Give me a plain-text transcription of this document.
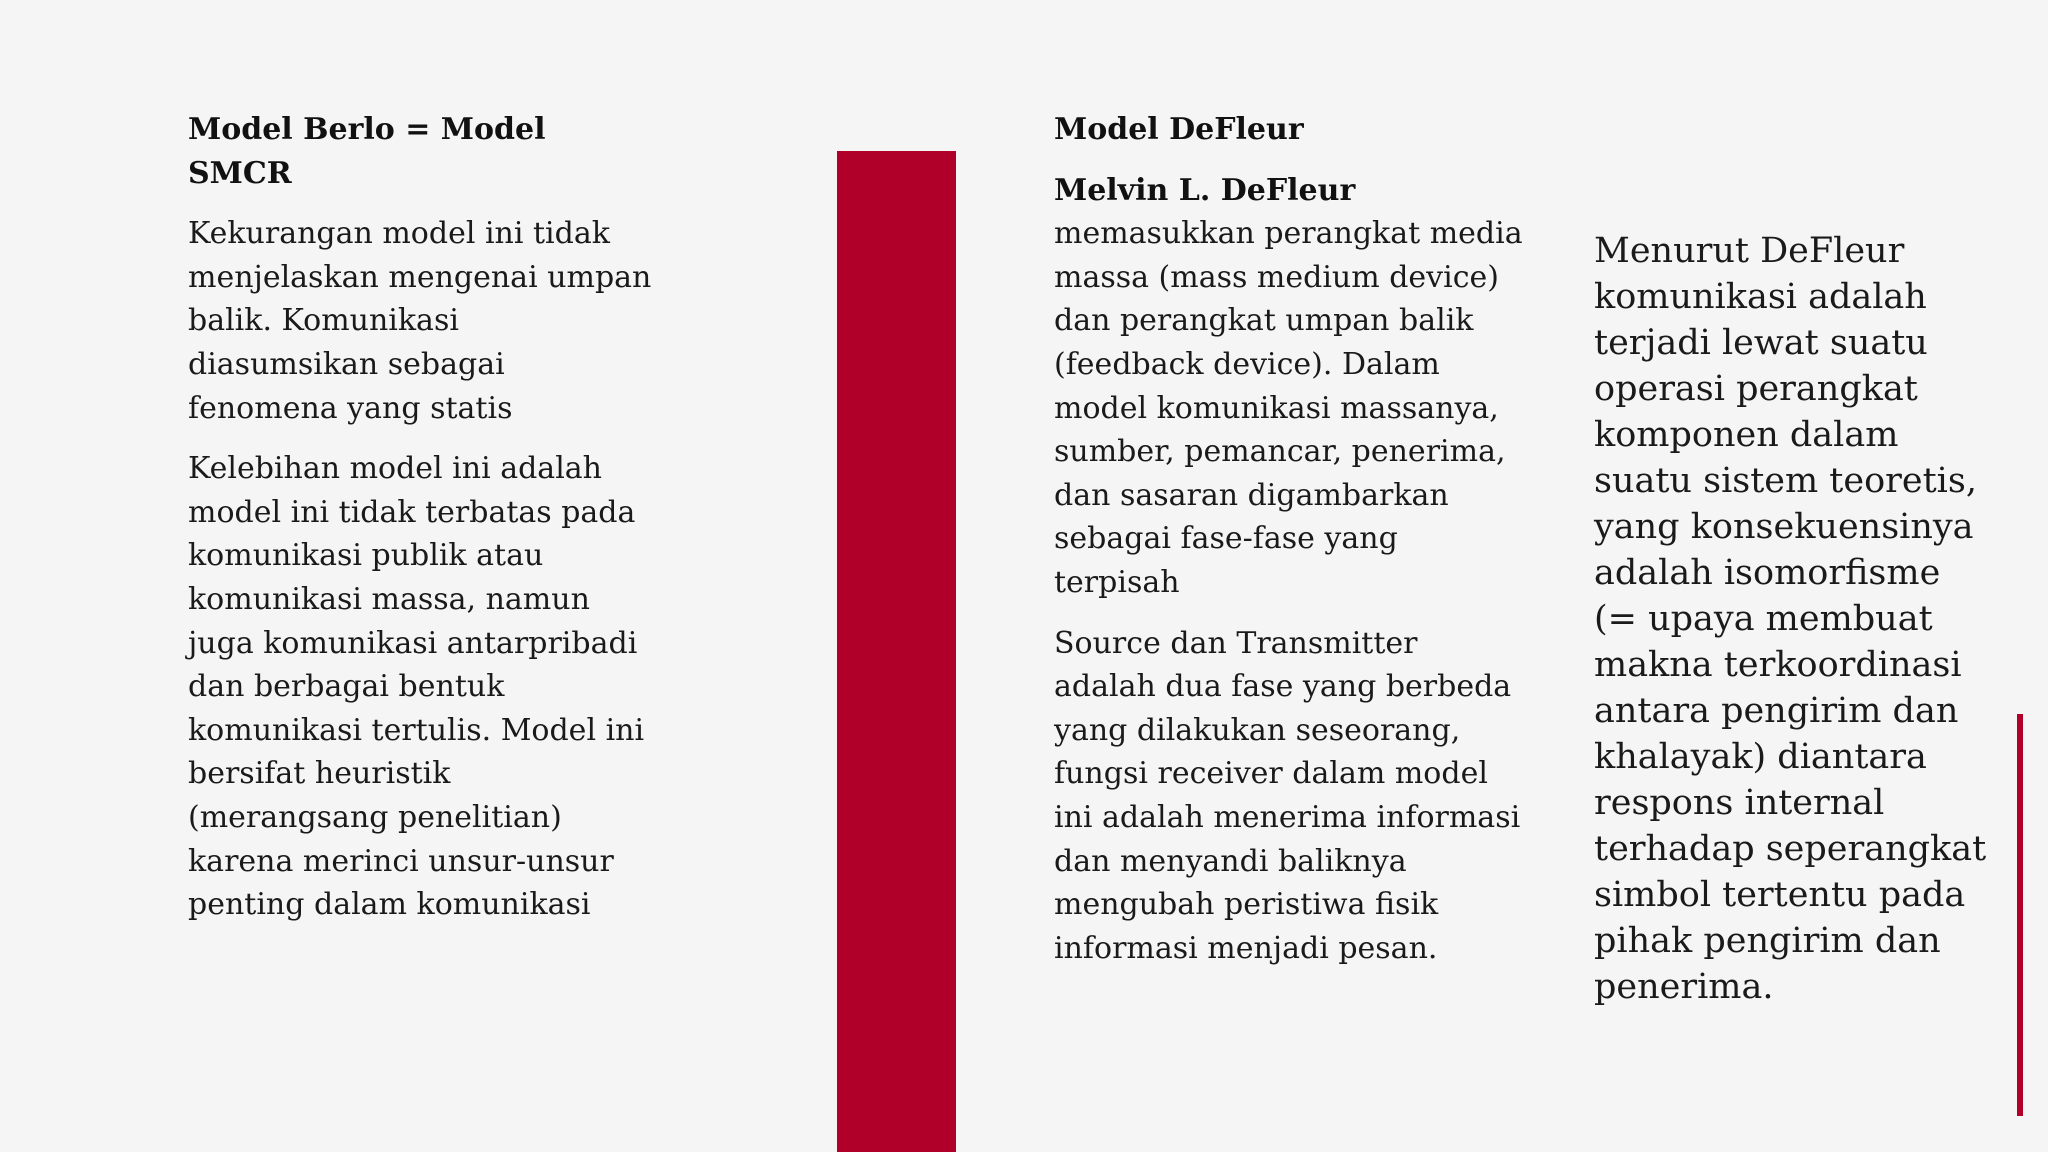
Model Berlo = Model SMCR

Kekurangan model ini tidak menjelaskan mengenai umpan balik. Komunikasi diasumsikan sebagai fenomena yang statis

Kelebihan model ini adalah model ini tidak terbatas pada komunikasi publik atau komunikasi massa, namun juga komunikasi antarpribadi dan berbagai bentuk komunikasi tertulis. Model ini bersifat heuristik (merangsang penelitian) karena merinci unsur-unsur penting dalam komunikasi

Model DeFleur

Melvin L. DeFleur

memasukkan perangkat media massa (mass medium device) dan perangkat umpan balik (feedback device). Dalam model komunikasi massanya, sumber, pemancar, penerima, dan sasaran digambarkan sebagai fase-fase yang terpisah

Source dan Transmitter adalah dua fase yang berbeda yang dilakukan seseorang, fungsi receiver dalam model ini adalah menerima informasi dan menyandi baliknya mengubah peristiwa fisik informasi menjadi pesan.

Menurut DeFleur komunikasi adalah terjadi lewat suatu operasi perangkat komponen dalam suatu sistem teoretis, yang konsekuensinya adalah isomorfisme (= upaya membuat makna terkoordinasi antara pengirim dan khalayak) diantara respons internal terhadap seperangkat simbol tertentu pada pihak pengirim dan penerima.
